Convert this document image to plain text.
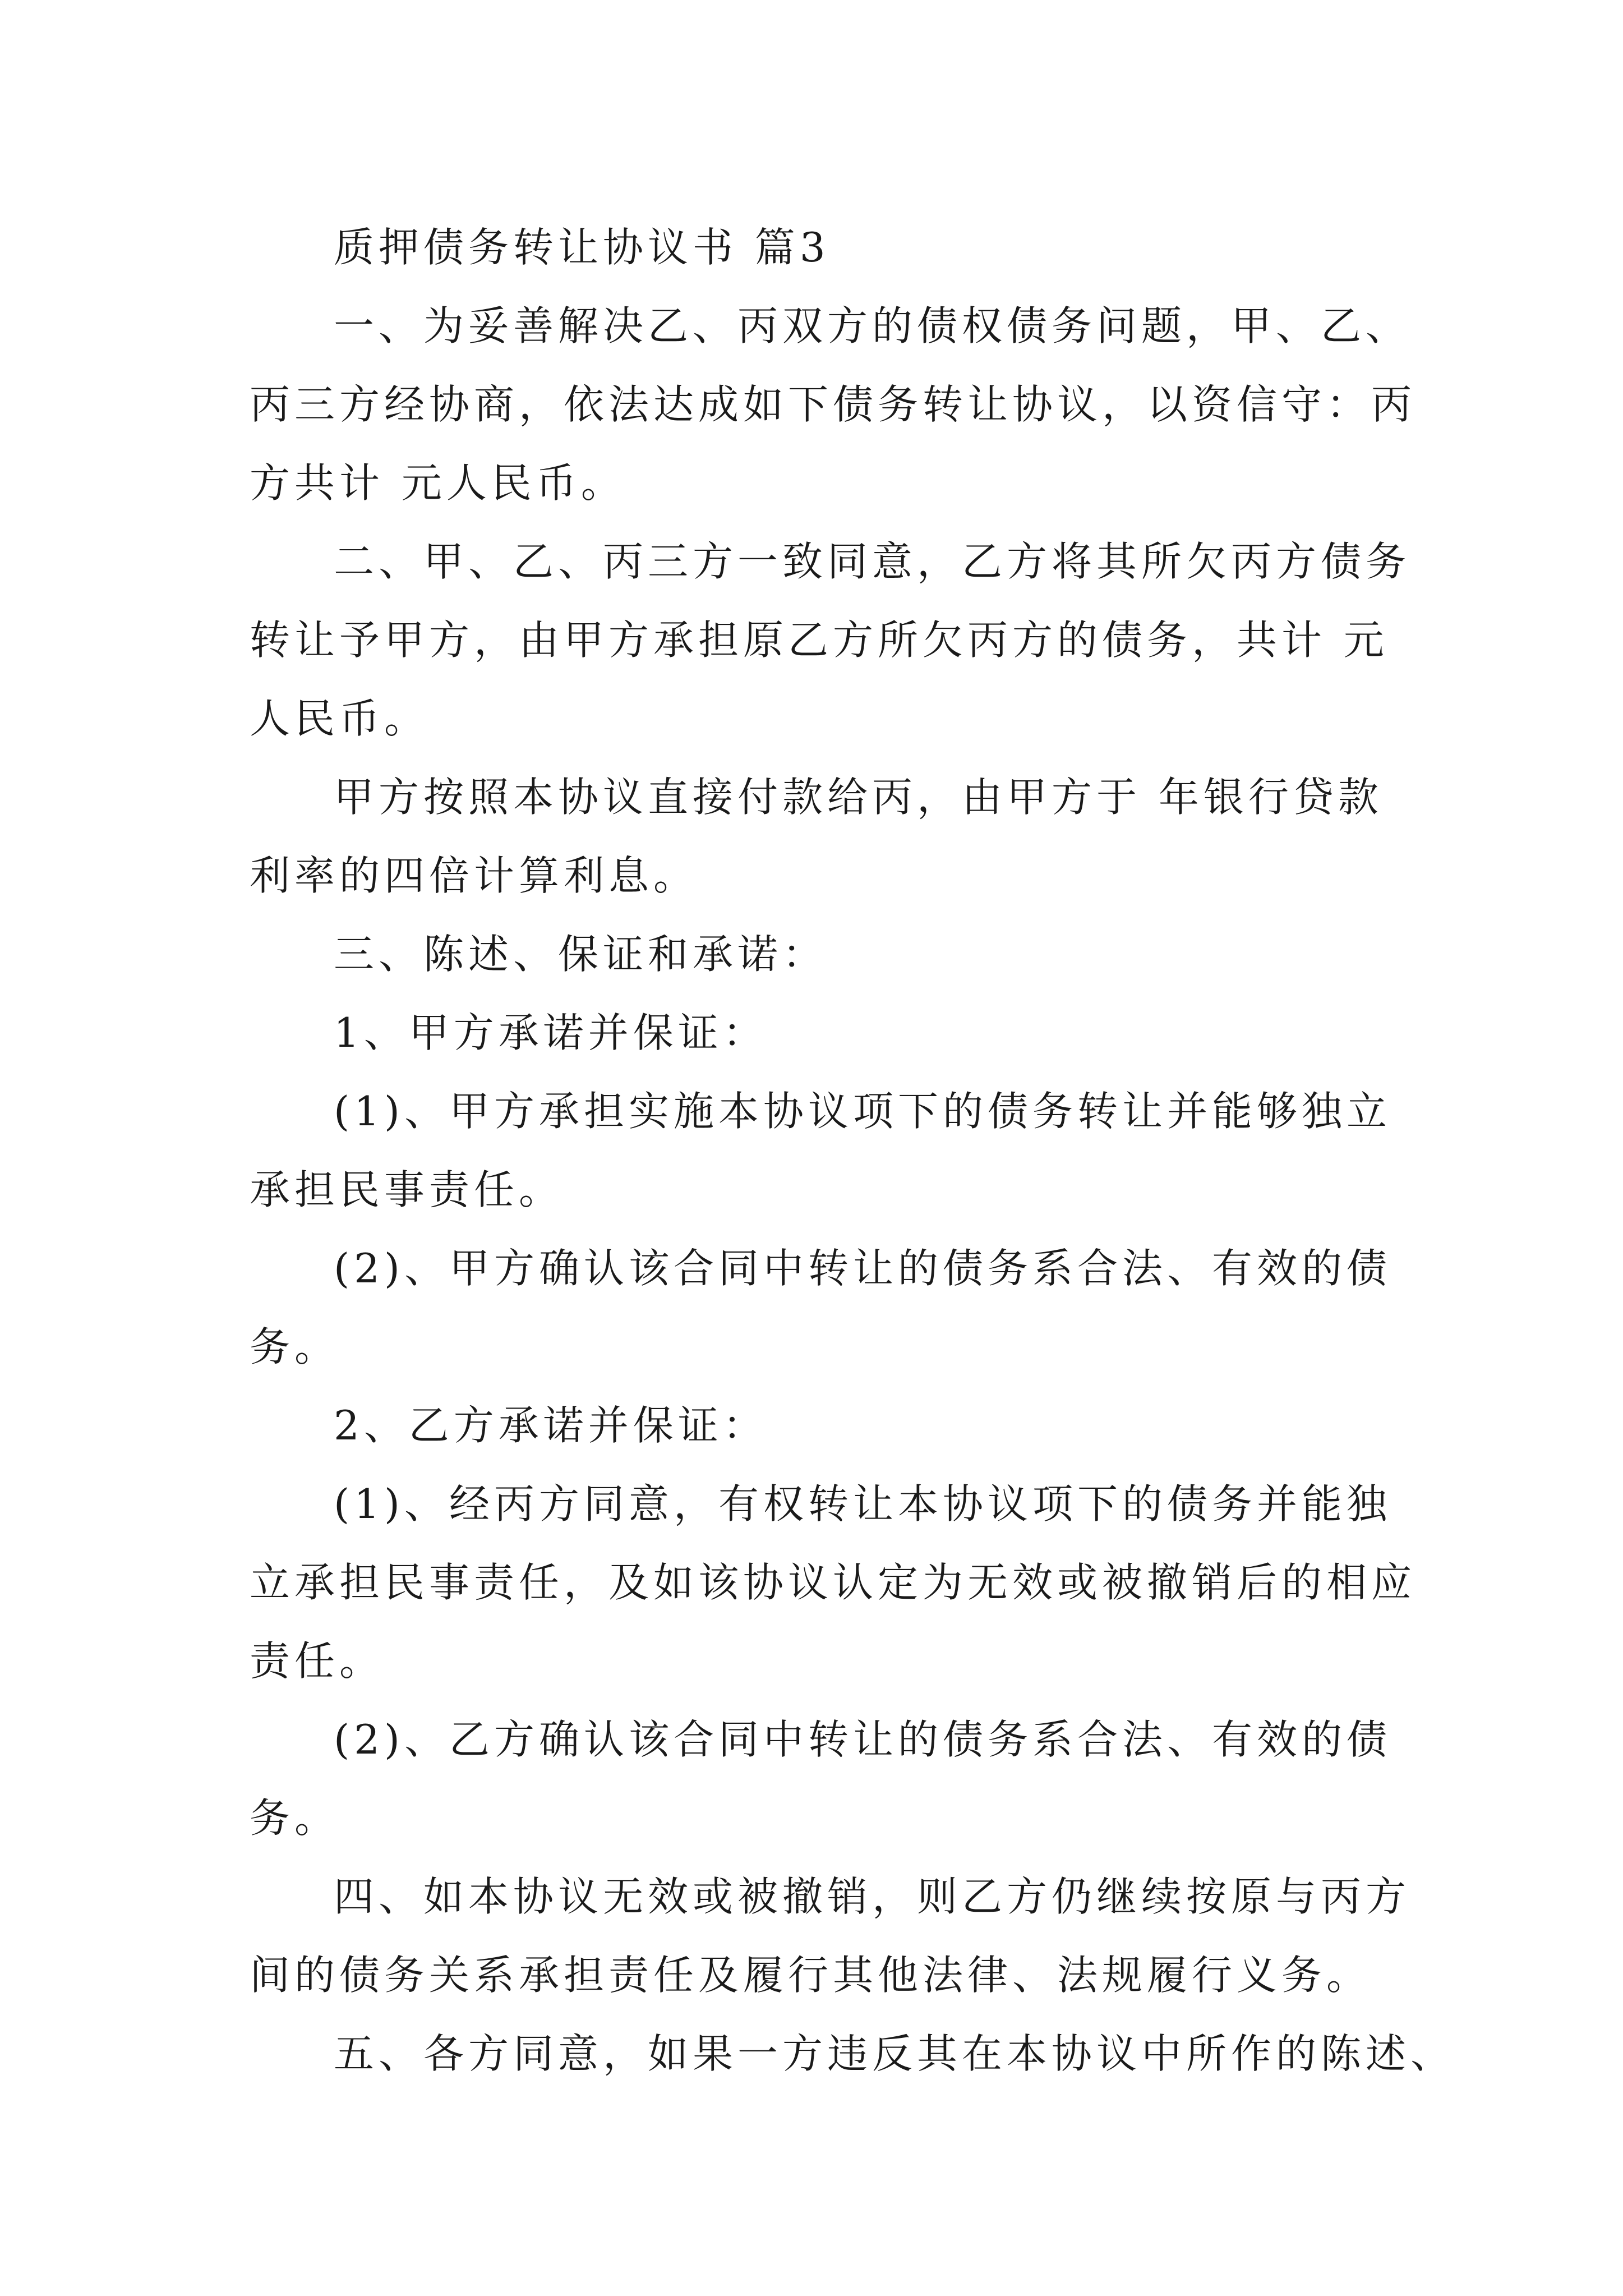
质押债务转让协议书 篇3
一、为妥善解决乙、丙双方的债权债务问题，甲、乙、
丙三方经协商，依法达成如下债务转让协议，以资信守：丙
方共计 元人民币。
二、甲、乙、丙三方一致同意，乙方将其所欠丙方债务
转让予甲方，由甲方承担原乙方所欠丙方的债务，共计 元
人民币。
甲方按照本协议直接付款给丙，由甲方于 年银行贷款
利率的四倍计算利息。
三、陈述、保证和承诺：
1、甲方承诺并保证：
(1)、甲方承担实施本协议项下的债务转让并能够独立
承担民事责任。
(2)、甲方确认该合同中转让的债务系合法、有效的债
务。
2、乙方承诺并保证：
(1)、经丙方同意，有权转让本协议项下的债务并能独
立承担民事责任，及如该协议认定为无效或被撤销后的相应
责任。
(2)、乙方确认该合同中转让的债务系合法、有效的债
务。
四、如本协议无效或被撤销，则乙方仍继续按原与丙方
间的债务关系承担责任及履行其他法律、法规履行义务。
五、各方同意，如果一方违反其在本协议中所作的陈述、
